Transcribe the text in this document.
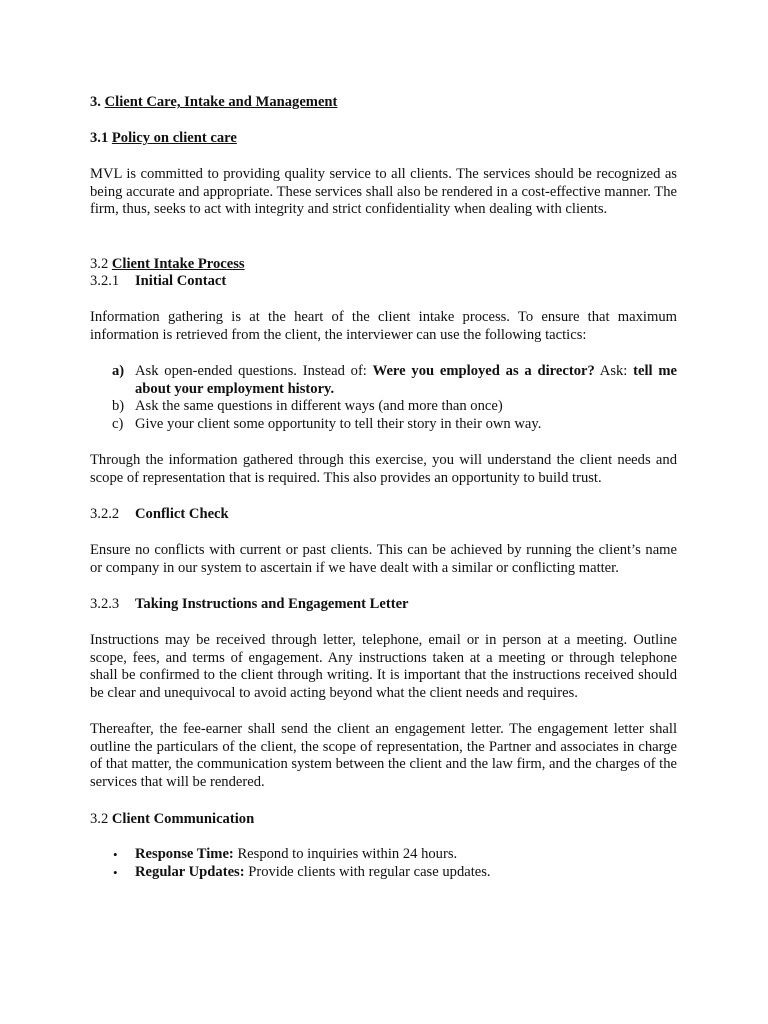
3. Client Care, Intake and Management

3.1 Policy on client care

MVL is committed to providing quality service to all clients. The services should be recognized as being accurate and appropriate. These services shall also be rendered in a cost-effective manner. The firm, thus, seeks to act with integrity and strict confidentiality when dealing with clients.

3.2 Client Intake Process

3.2.1 Initial Contact

Information gathering is at the heart of the client intake process. To ensure that maximum information is retrieved from the client, the interviewer can use the following tactics:

a) Ask open-ended questions. Instead of: Were you employed as a director? Ask: tell me about your employment history.
b) Ask the same questions in different ways (and more than once)
c) Give your client some opportunity to tell their story in their own way.

Through the information gathered through this exercise, you will understand the client needs and scope of representation that is required. This also provides an opportunity to build trust.

3.2.2 Conflict Check

Ensure no conflicts with current or past clients. This can be achieved by running the client’s name or company in our system to ascertain if we have dealt with a similar or conflicting matter.

3.2.3 Taking Instructions and Engagement Letter

Instructions may be received through letter, telephone, email or in person at a meeting. Outline scope, fees, and terms of engagement. Any instructions taken at a meeting or through telephone shall be confirmed to the client through writing. It is important that the instructions received should be clear and unequivocal to avoid acting beyond what the client needs and requires.

Thereafter, the fee-earner shall send the client an engagement letter. The engagement letter shall outline the particulars of the client, the scope of representation, the Partner and associates in charge of that matter, the communication system between the client and the law firm, and the charges of the services that will be rendered.

3.2 Client Communication

• Response Time: Respond to inquiries within 24 hours.
• Regular Updates: Provide clients with regular case updates.
